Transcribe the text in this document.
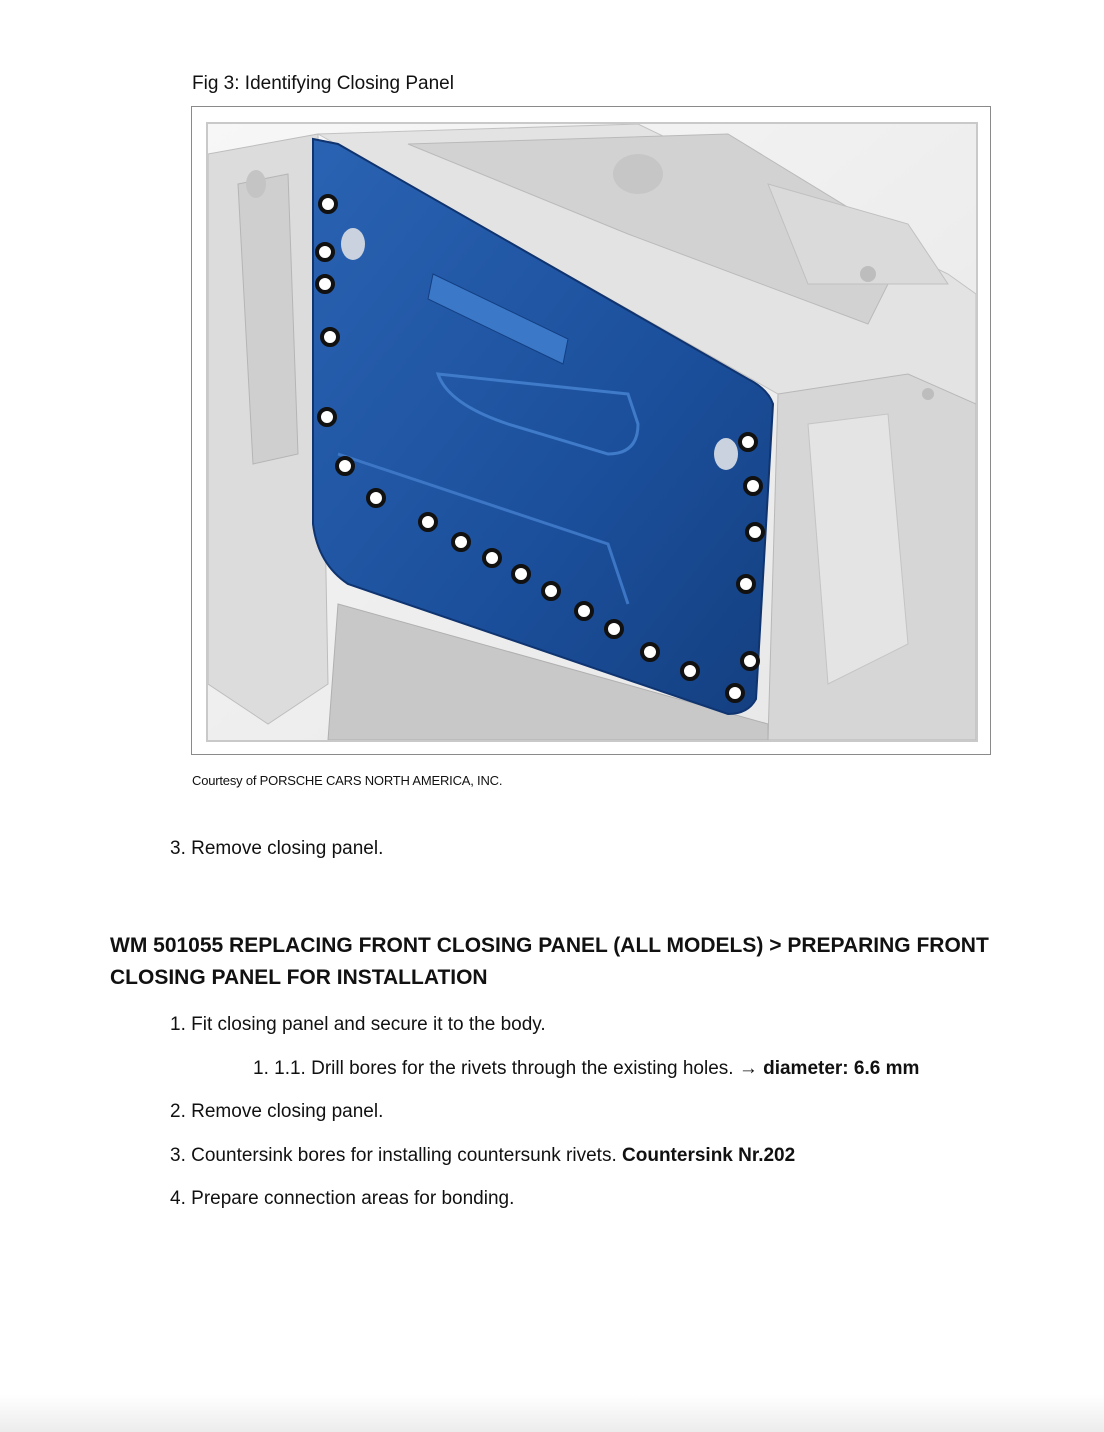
Fig 3: Identifying Closing Panel
Courtesy of PORSCHE CARS NORTH AMERICA, INC.
3. Remove closing panel.
WM 501055 REPLACING FRONT CLOSING PANEL (ALL MODELS) > PREPARING FRONT CLOSING PANEL FOR INSTALLATION
1. Fit closing panel and secure it to the body.
1. 1.1. Drill bores for the rivets through the existing holes. → diameter: 6.6 mm
2. Remove closing panel.
3. Countersink bores for installing countersunk rivets. Countersink Nr.202
4. Prepare connection areas for bonding.
